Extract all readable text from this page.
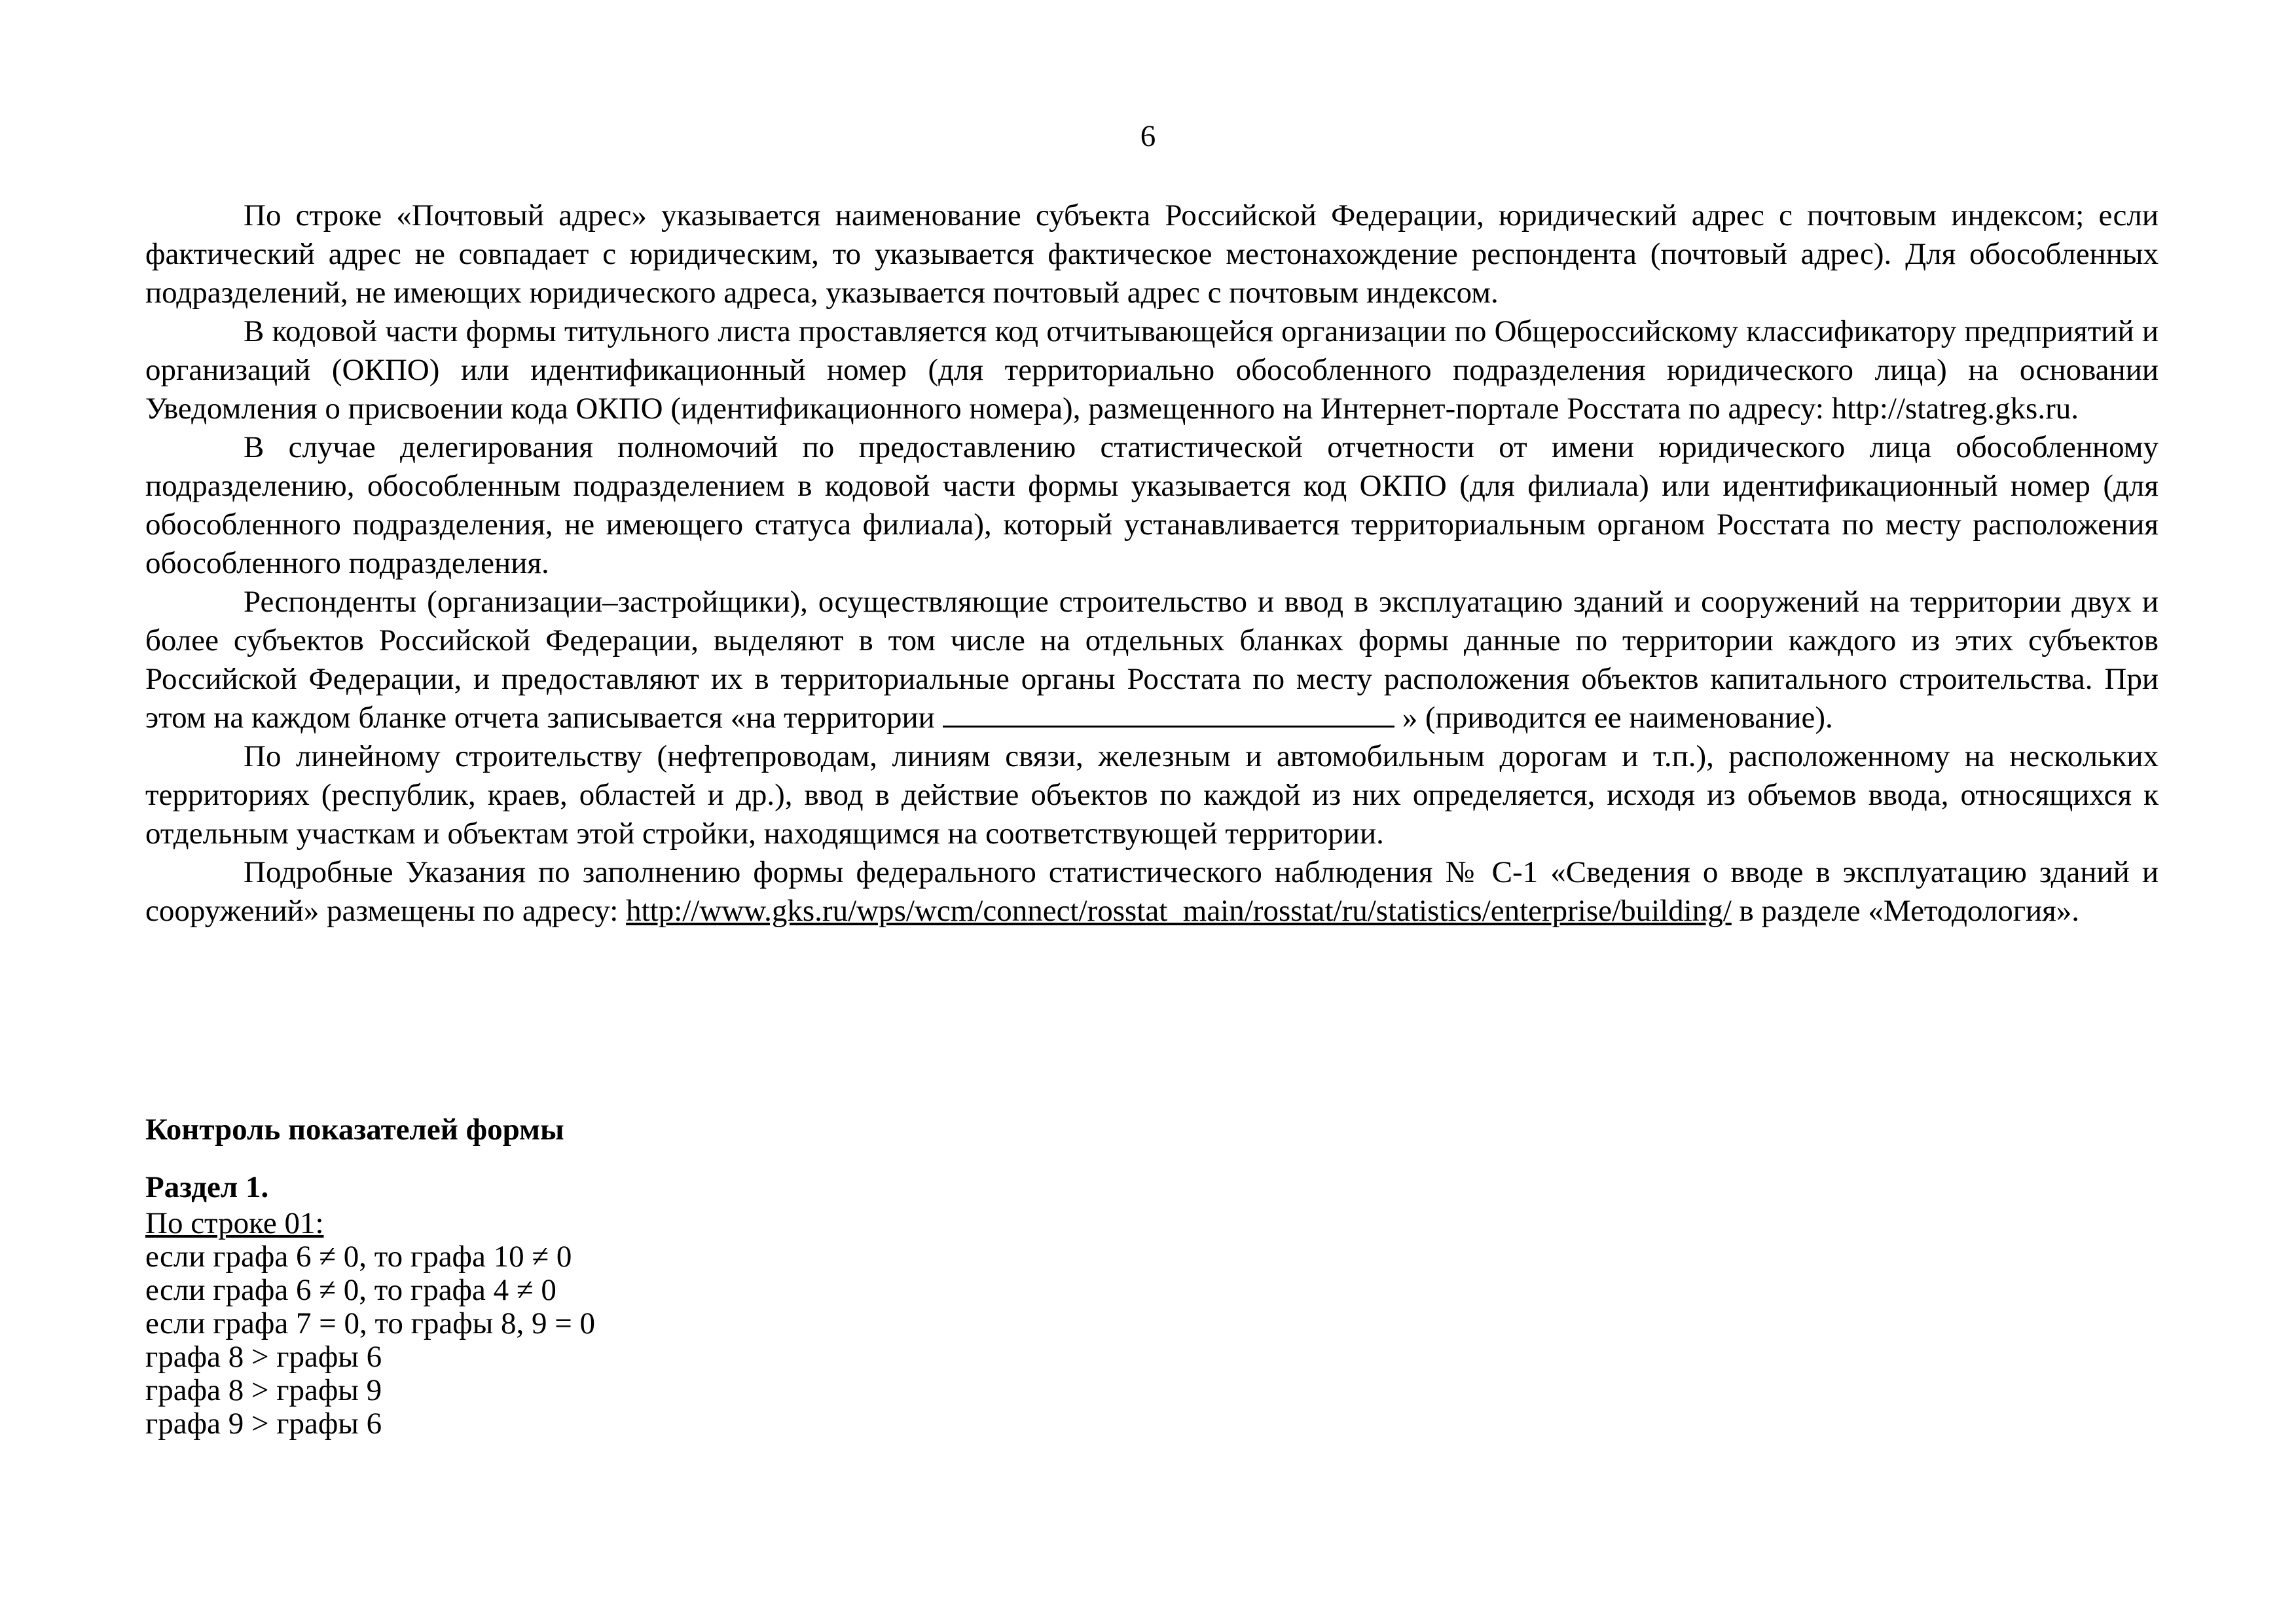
6

По строке «Почтовый адрес» указывается наименование субъекта Российской Федерации, юридический адрес с почтовым индексом; если фактический адрес не совпадает с юридическим, то указывается фактическое местонахождение респондента (почтовый адрес). Для обособленных подразделений, не имеющих юридического адреса, указывается почтовый адрес с почтовым индексом.

В кодовой части формы титульного листа проставляется код отчитывающейся организации по Общероссийскому классификатору предприятий и организаций (ОКПО) или идентификационный номер (для территориально обособленного подразделения юридического лица) на основании Уведомления о присвоении кода ОКПО (идентификационного номера), размещенного на Интернет-портале Росстата по адресу: http://statreg.gks.ru.

В случае делегирования полномочий по предоставлению статистической отчетности от имени юридического лица обособленному подразделению, обособленным подразделением в кодовой части формы указывается код ОКПО (для филиала) или идентификационный номер (для обособленного подразделения, не имеющего статуса филиала), который устанавливается территориальным органом Росстата по месту расположения обособленного подразделения.

Респонденты (организации–застройщики), осуществляющие строительство и ввод в эксплуатацию зданий и сооружений на территории двух и более субъектов Российской Федерации, выделяют в том числе на отдельных бланках формы данные по территории каждого из этих субъектов Российской Федерации, и предоставляют их в территориальные органы Росстата по месту расположения объектов капитального строительства. При этом на каждом бланке отчета записывается «на территории	» (приводится ее наименование).

По линейному строительству (нефтепроводам, линиям связи, железным и автомобильным дорогам и т.п.), расположенному на нескольких территориях (республик, краев, областей и др.), ввод в действие объектов по каждой из них определяется, исходя из объемов ввода, относящихся к отдельным участкам и объектам этой стройки, находящимся на соответствующей территории.

Подробные Указания по заполнению формы федерального статистического наблюдения № С-1 «Сведения о вводе в эксплуатацию зданий и сооружений» размещены по адресу: http://www.gks.ru/wps/wcm/connect/rosstat_main/rosstat/ru/statistics/enterprise/building/ в разделе «Методология».

Контроль показателей формы

Раздел 1.

По строке 01:

если графа 6 ≠ 0, то графа 10 ≠ 0
если графа 6 ≠ 0, то графа 4 ≠ 0
если графа 7 = 0, то графы 8, 9 = 0
графа 8 > графы 6
графа 8 > графы 9
графа 9 > графы 6
